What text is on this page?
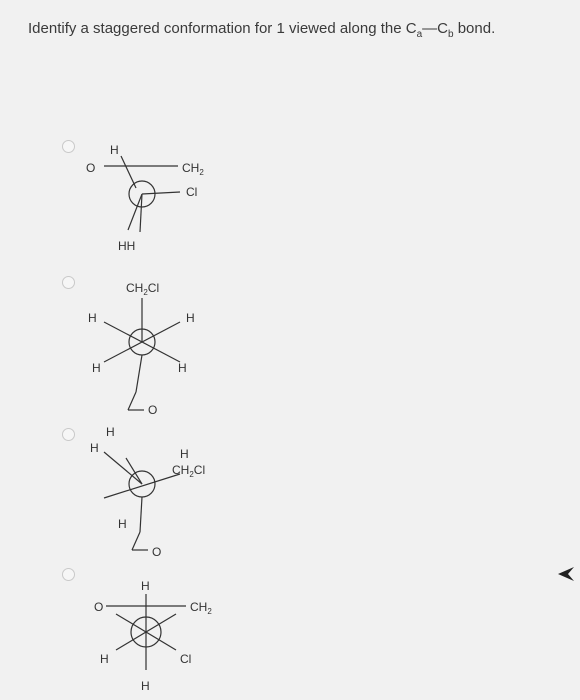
Identify a staggered conformation for 1 viewed along the $C_a—C_b$ bond.
H
O	$CH_2$
Cl
HH
$CH_2Cl$
H	H
H	H
O
H
H	H
$CH_2Cl$
H
O
H
O	$CH_2$
H	Cl
H
